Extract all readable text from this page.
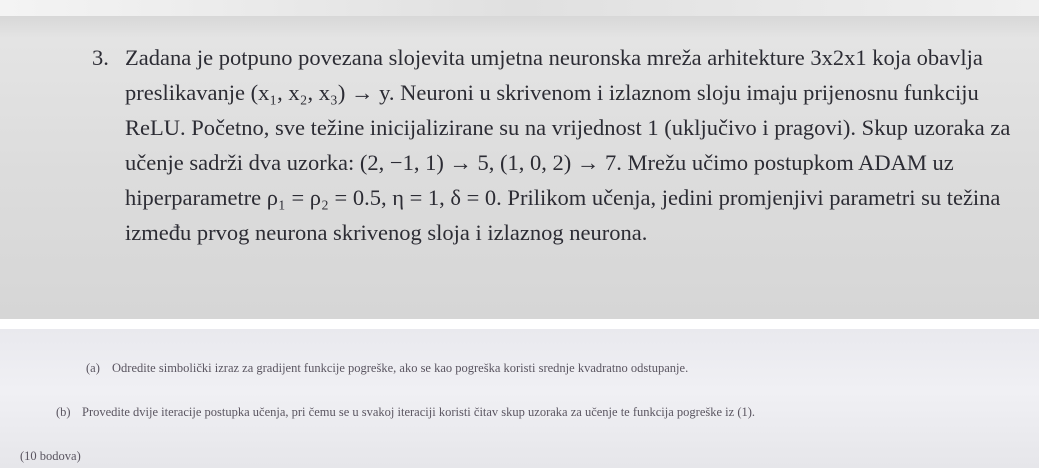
3. Zadana je potpuno povezana slojevita umjetna neuronska mreža arhitekture 3x2x1 koja obavlja preslikavanje (x₁, x₂, x₃) → y. Neuroni u skrivenom i izlaznom sloju imaju prijenosnu funkciju ReLU. Početno, sve težine inicijalizirane su na vrijednost 1 (uključivo i pragovi). Skup uzoraka za učenje sadrži dva uzorka: (2, −1, 1) → 5, (1, 0, 2) → 7. Mrežu učimo postupkom ADAM uz hiperparametre ρ₁ = ρ₂ = 0.5, η = 1, δ = 0. Prilikom učenja, jedini promjenjivi parametri su težina između prvog neurona skrivenog sloja i izlaznog neurona.
(a) Odredite simbolički izraz za gradijent funkcije pogreške, ako se kao pogreška koristi srednje kvadratno odstupanje.
(b) Provedite dvije iteracije postupka učenja, pri čemu se u svakoj iteraciji koristi čitav skup uzoraka za učenje te funkcija pogreške iz (1).
(10 bodova)
